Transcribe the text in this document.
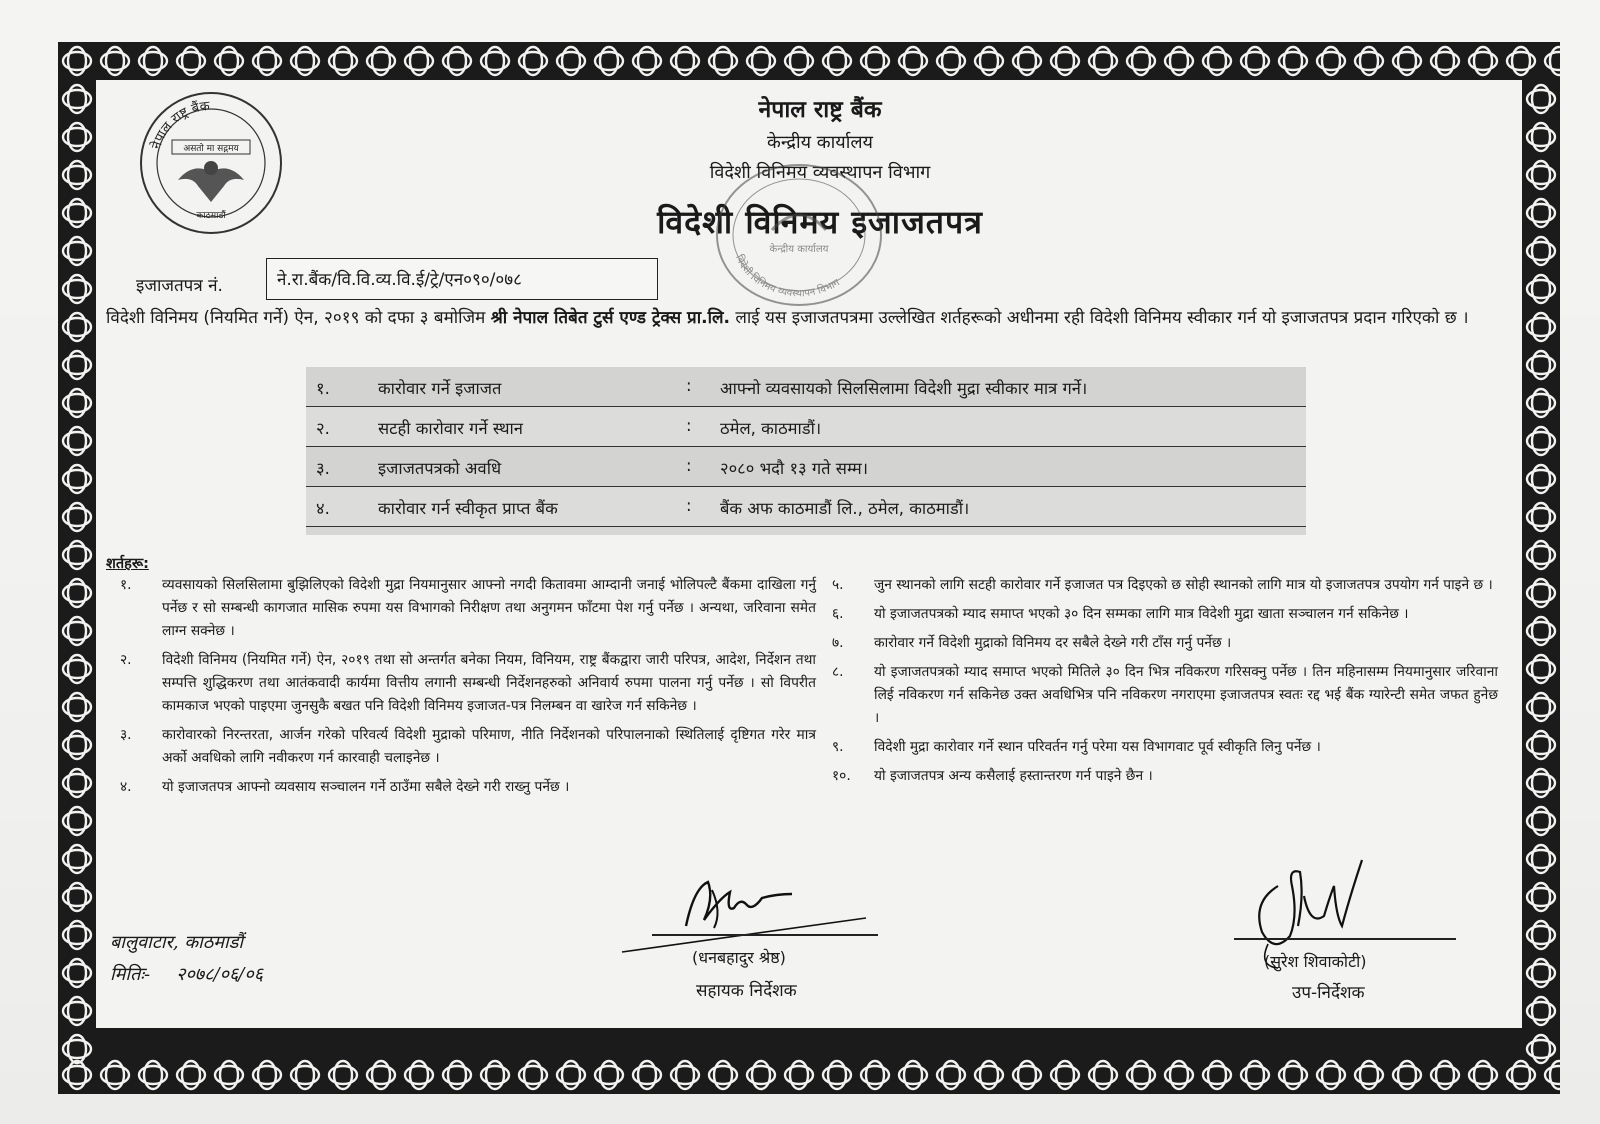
नेपाल राष्ट्र बैंक
असतो मा सद्गमय
काठमाडौं
नेपाल राष्ट्र बैंक
केन्द्रीय कार्यालय
विदेशी विनिमय व्यवस्थापन विभाग
विदेशी विनिमय इजाजतपत्र
केन्द्रीय कार्यालय
विदेशी विनिमय व्यवस्थापन विभाग
इजाजतपत्र नं.	ने.रा.बैंक/वि.वि.व्य.वि.ई/ट्रे/एन०९०/०७८
विदेशी विनिमय (नियमित गर्ने) ऐन, २०१९ को दफा ३ बमोजिम श्री नेपाल तिबेत टुर्स एण्ड ट्रेक्स प्रा.लि. लाई यस इजाजतपत्रमा उल्लेखित शर्तहरूको अधीनमा रही विदेशी विनिमय स्वीकार गर्न यो इजाजतपत्र प्रदान गरिएको छ ।
१.	कारोवार गर्ने इजाजत	: आफ्नो व्यवसायको सिलसिलामा विदेशी मुद्रा स्वीकार मात्र गर्ने।
२.	सटही कारोवार गर्ने स्थान	: ठमेल, काठमाडौं।
३.	इजाजतपत्रको अवधि	: २०८० भदौ १३ गते सम्म।
४.	कारोवार गर्न स्वीकृत प्राप्त बैंक	: बैंक अफ काठमाडौं लि., ठमेल, काठमाडौं।
शर्तहरू:
१. व्यवसायको सिलसिलामा बुझिलिएको विदेशी मुद्रा नियमानुसार आफ्नो नगदी कितावमा आम्दानी जनाई भोलिपल्टै बैंकमा दाखिला गर्नु पर्नेछ र सो सम्बन्धी कागजात मासिक रुपमा यस विभागको निरीक्षण तथा अनुगमन फाँटमा पेश गर्नु पर्नेछ । अन्यथा, जरिवाना समेत लाग्न सक्नेछ ।
२. विदेशी विनिमय (नियमित गर्ने) ऐन, २०१९ तथा सो अन्तर्गत बनेका नियम, विनियम, राष्ट्र बैंकद्वारा जारी परिपत्र, आदेश, निर्देशन तथा सम्पत्ति शुद्धिकरण तथा आतंकवादी कार्यमा वित्तीय लगानी सम्बन्धी निर्देशनहरुको अनिवार्य रुपमा पालना गर्नु पर्नेछ । सो विपरीत कामकाज भएको पाइएमा जुनसुकै बखत पनि विदेशी विनिमय इजाजत-पत्र निलम्बन वा खारेज गर्न सकिनेछ ।
३. कारोवारको निरन्तरता, आर्जन गरेको परिवर्त्य विदेशी मुद्राको परिमाण, नीति निर्देशनको परिपालनाको स्थितिलाई दृष्टिगत गरेर मात्र अर्को अवधिको लागि नवीकरण गर्न कारवाही चलाइनेछ ।
४. यो इजाजतपत्र आफ्नो व्यवसाय सञ्चालन गर्ने ठाउँमा सबैले देख्ने गरी राख्नु पर्नेछ ।
५. जुन स्थानको लागि सटही कारोवार गर्ने इजाजत पत्र दिइएको छ सोही स्थानको लागि मात्र यो इजाजतपत्र उपयोग गर्न पाइने छ ।
६. यो इजाजतपत्रको म्याद समाप्त भएको ३० दिन सम्मका लागि मात्र विदेशी मुद्रा खाता सञ्चालन गर्न सकिनेछ ।
७. कारोवार गर्ने विदेशी मुद्राको विनिमय दर सबैले देख्ने गरी टाँस गर्नु पर्नेछ ।
८. यो इजाजतपत्रको म्याद समाप्त भएको मितिले ३० दिन भित्र नविकरण गरिसक्नु पर्नेछ । तिन महिनासम्म नियमानुसार जरिवाना लिई नविकरण गर्न सकिनेछ उक्त अवधिभित्र पनि नविकरण नगराएमा इजाजतपत्र स्वतः रद्द भई बैंक ग्यारेन्टी समेत जफत हुनेछ ।
९. विदेशी मुद्रा कारोवार गर्ने स्थान परिवर्तन गर्नु परेमा यस विभागवाट पूर्व स्वीकृति लिनु पर्नेछ ।
१०. यो इजाजतपत्र अन्य कसैलाई हस्तान्तरण गर्न पाइने छैन ।
बालुवाटार, काठमाडौं
मितिः- २०७८/०६/०६
(धनबहादुर श्रेष्ठ)
सहायक निर्देशक
(सुरेश शिवाकोटी)
उप-निर्देशक
